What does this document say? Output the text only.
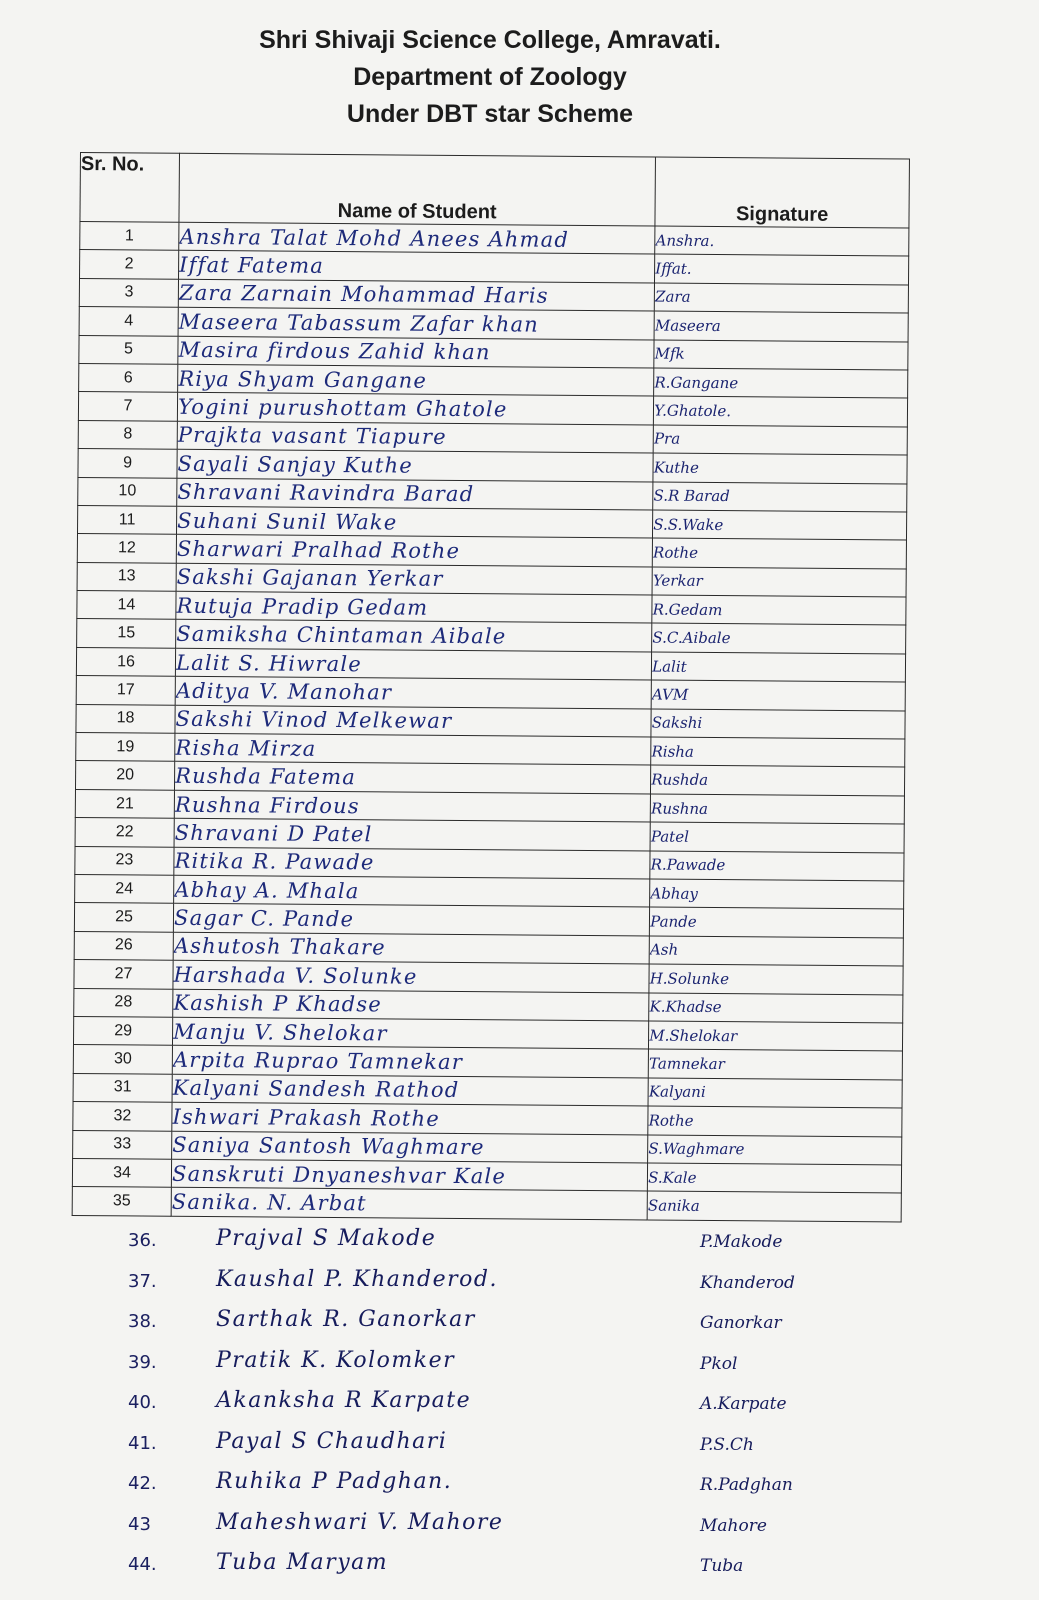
Shri Shivaji Science College, Amravati.
Department of Zoology
Under DBT star Scheme
Sr. No.	Name of Student	Signature
1	Anshra Talat Mohd Anees Ahmad	Anshra.
2	Iffat Fatema	Iffat.
3	Zara Zarnain Mohammad Haris	Zara
4	Maseera Tabassum Zafar khan	Maseera
5	Masira firdous Zahid khan	Mfk
6	Riya Shyam Gangane	R.Gangane
7	Yogini purushottam Ghatole	Y.Ghatole.
8	Prajkta vasant Tiapure	Pra
9	Sayali Sanjay Kuthe	Kuthe
10	Shravani Ravindra Barad	S.R Barad
11	Suhani Sunil Wake	S.S.Wake
12	Sharwari Pralhad Rothe	Rothe
13	Sakshi Gajanan Yerkar	Yerkar
14	Rutuja Pradip Gedam	R.Gedam
15	Samiksha Chintaman Aibale	S.C.Aibale
16	Lalit S. Hiwrale	Lalit
17	Aditya V. Manohar	AVM
18	Sakshi Vinod Melkewar	Sakshi
19	Risha Mirza	Risha
20	Rushda Fatema	Rushda
21	Rushna Firdous	Rushna
22	Shravani D Patel	Patel
23	Ritika R. Pawade	R.Pawade
24	Abhay A. Mhala	Abhay
25	Sagar C. Pande	Pande
26	Ashutosh Thakare	Ash
27	Harshada V. Solunke	H.Solunke
28	Kashish P Khadse	K.Khadse
29	Manju V. Shelokar	M.Shelokar
30	Arpita Ruprao Tamnekar	Tamnekar
31	Kalyani Sandesh Rathod	Kalyani
32	Ishwari Prakash Rothe	Rothe
33	Saniya Santosh Waghmare	S.Waghmare
34	Sanskruti Dnyaneshvar Kale	S.Kale
35	Sanika. N. Arbat	Sanika
36.	Prajval S Makode	P.Makode
37.	Kaushal P. Khanderod.	Khanderod
38.	Sarthak R. Ganorkar	Ganorkar
39.	Pratik K. Kolomker	Pkol
40.	Akanksha R Karpate	A.Karpate
41.	Payal S Chaudhari	P.S.Ch
42.	Ruhika P Padghan.	R.Padghan
43	Maheshwari V. Mahore	Mahore
44.	Tuba Maryam	Tuba
